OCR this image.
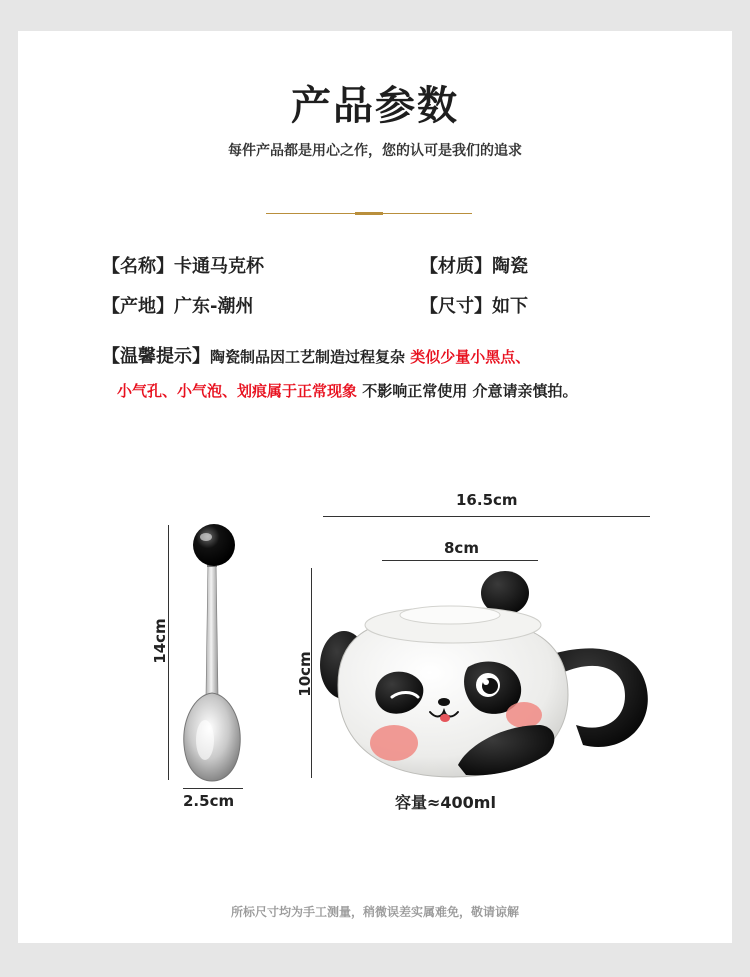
产品参数
每件产品都是用心之作，您的认可是我们的追求
【名称】卡通马克杯	【材质】陶瓷
【产地】广东-潮州	【尺寸】如下
【温馨提示】陶瓷制品因工艺制造过程复杂 类似少量小黑点、
小气孔、小气泡、划痕属于正常现象 不影响正常使用 介意请亲慎拍。
14cm
2.5cm
16.5cm
8cm
10cm
容量≈400ml
所标尺寸均为手工测量，稍微误差实属难免，敬请谅解
